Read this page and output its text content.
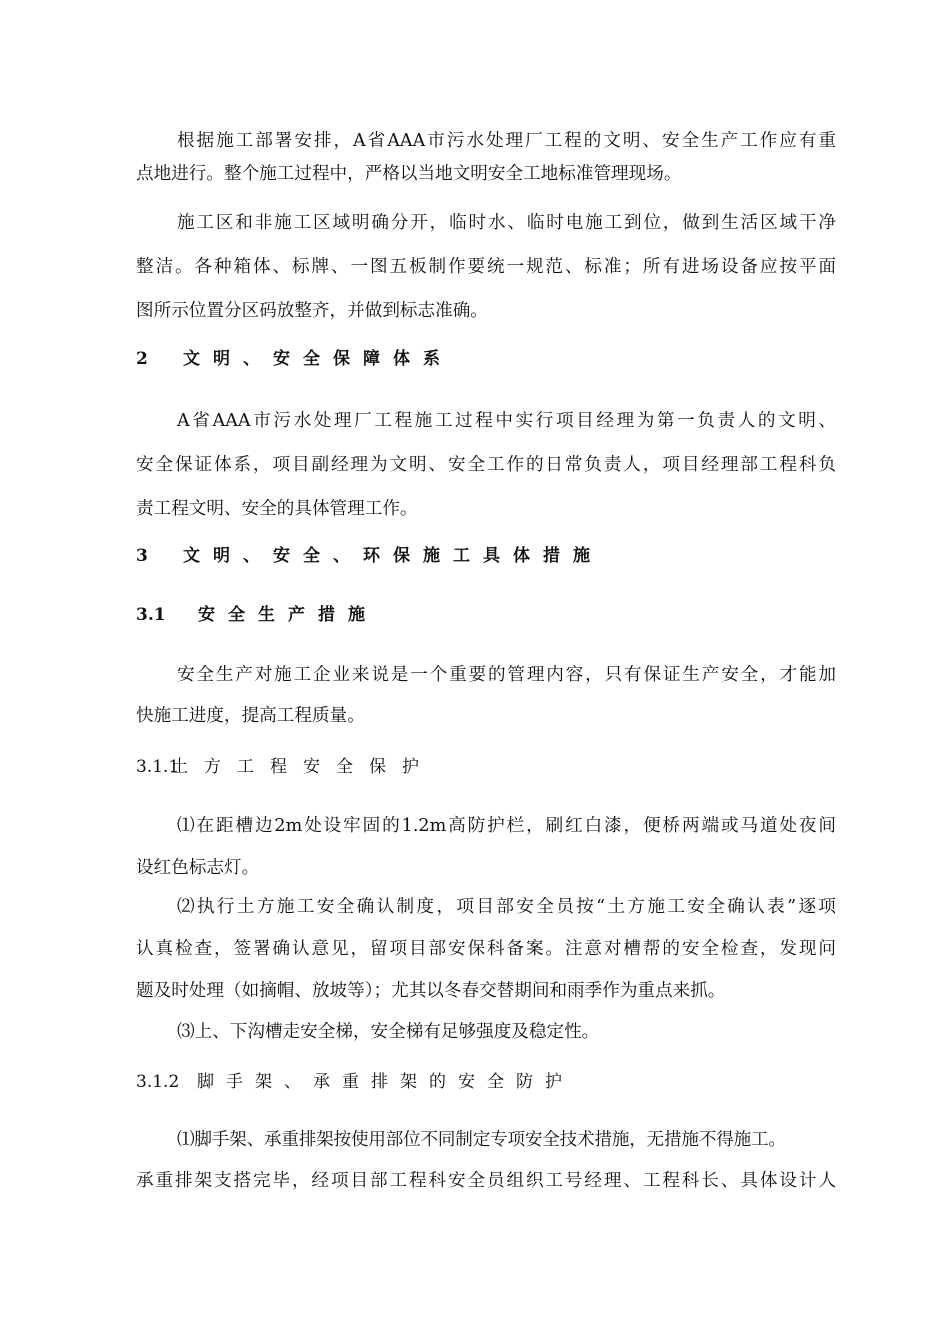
根据施工部署安排，A省AAA市污水处理厂工程的文明、安全生产工作应有重
点地进行。整个施工过程中，严格以当地文明安全工地标准管理现场。
施工区和非施工区域明确分开，临时水、临时电施工到位，做到生活区域干净
整洁。各种箱体、标牌、一图五板制作要统一规范、标准；所有进场设备应按平面
图所示位置分区码放整齐，并做到标志准确。
2 文明、安全保障体系
A省AAA市污水处理厂工程施工过程中实行项目经理为第一负责人的文明、
安全保证体系，项目副经理为文明、安全工作的日常负责人，项目经理部工程科负
责工程文明、安全的具体管理工作。
3 文明、安全、环保施工具体措施
3.1 安全生产措施
安全生产对施工企业来说是一个重要的管理内容，只有保证生产安全，才能加
快施工进度，提高工程质量。
3.1.1土方工程安全保护
⑴在距槽边2m处设牢固的1.2m高防护栏，刷红白漆，便桥两端或马道处夜间
设红色标志灯。
⑵执行土方施工安全确认制度，项目部安全员按“土方施工安全确认表”逐项
认真检查，签署确认意见，留项目部安保科备案。注意对槽帮的安全检查，发现问
题及时处理（如摘帽、放坡等）；尤其以冬春交替期间和雨季作为重点来抓。
⑶上、下沟槽走安全梯，安全梯有足够强度及稳定性。
3.1.2 脚手架、承重排架的安全防护
⑴脚手架、承重排架按使用部位不同制定专项安全技术措施，无措施不得施工。
承重排架支搭完毕，经项目部工程科安全员组织工号经理、工程科长、具体设计人
